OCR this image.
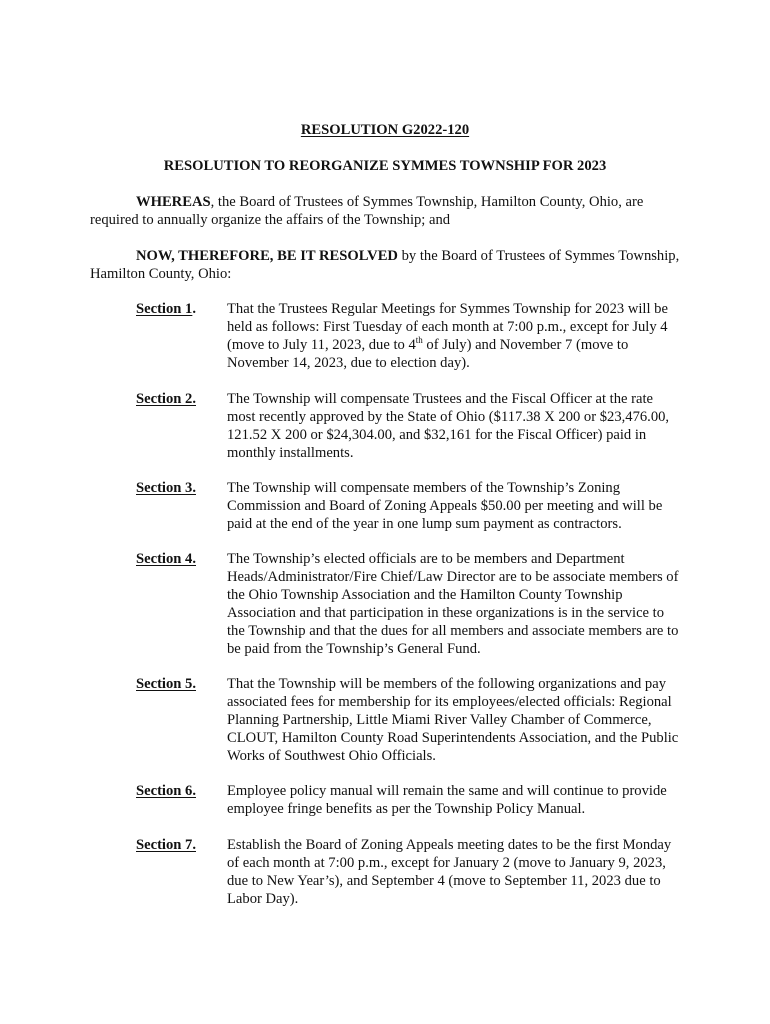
RESOLUTION G2022-120
RESOLUTION TO REORGANIZE SYMMES TOWNSHIP FOR 2023
WHEREAS, the Board of Trustees of Symmes Township, Hamilton County, Ohio, are required to annually organize the affairs of the Township; and
NOW, THEREFORE, BE IT RESOLVED by the Board of Trustees of Symmes Township, Hamilton County, Ohio:
Section 1. That the Trustees Regular Meetings for Symmes Township for 2023 will be held as follows: First Tuesday of each month at 7:00 p.m., except for July 4 (move to July 11, 2023, due to 4th of July) and November 7 (move to November 14, 2023, due to election day).
Section 2. The Township will compensate Trustees and the Fiscal Officer at the rate most recently approved by the State of Ohio ($117.38 X 200 or $23,476.00, 121.52 X 200 or $24,304.00, and $32,161 for the Fiscal Officer) paid in monthly installments.
Section 3. The Township will compensate members of the Township’s Zoning Commission and Board of Zoning Appeals $50.00 per meeting and will be paid at the end of the year in one lump sum payment as contractors.
Section 4. The Township’s elected officials are to be members and Department Heads/Administrator/Fire Chief/Law Director are to be associate members of the Ohio Township Association and the Hamilton County Township Association and that participation in these organizations is in the service to the Township and that the dues for all members and associate members are to be paid from the Township’s General Fund.
Section 5. That the Township will be members of the following organizations and pay associated fees for membership for its employees/elected officials: Regional Planning Partnership, Little Miami River Valley Chamber of Commerce, CLOUT, Hamilton County Road Superintendents Association, and the Public Works of Southwest Ohio Officials.
Section 6. Employee policy manual will remain the same and will continue to provide employee fringe benefits as per the Township Policy Manual.
Section 7. Establish the Board of Zoning Appeals meeting dates to be the first Monday of each month at 7:00 p.m., except for January 2 (move to January 9, 2023, due to New Year’s), and September 4 (move to September 11, 2023 due to Labor Day).
